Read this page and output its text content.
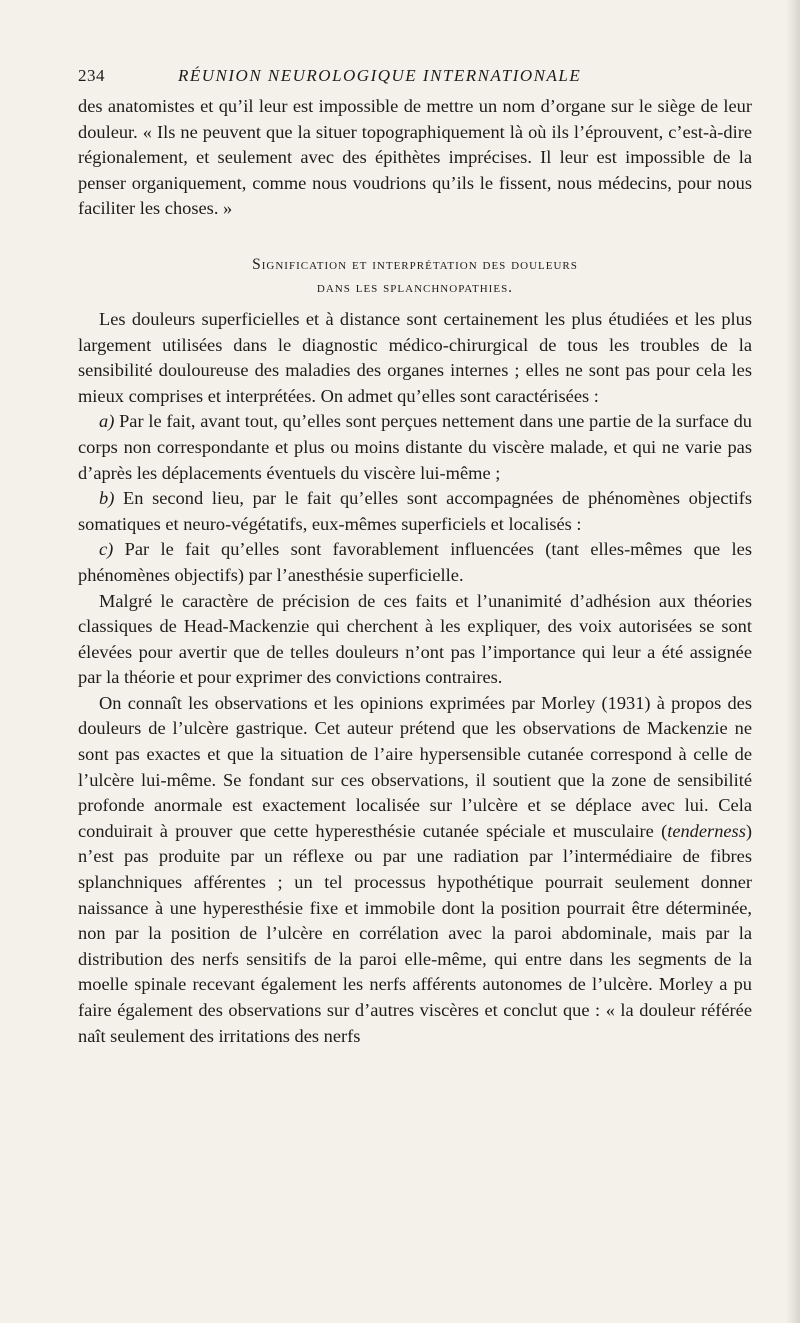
234	RÉUNION NEUROLOGIQUE INTERNATIONALE

des anatomistes et qu’il leur est impossible de mettre un nom d’organe sur le siège de leur douleur. « Ils ne peuvent que la situer topographiquement là où ils l’éprouvent, c’est-à-dire régionalement, et seulement avec des épithètes imprécises. Il leur est impossible de la penser organiquement, comme nous voudrions qu’ils le fissent, nous médecins, pour nous faciliter les choses. »

Signification et interprétation des douleurs
dans les splanchnopathies.

Les douleurs superficielles et à distance sont certainement les plus étudiées et les plus largement utilisées dans le diagnostic médico-chirurgical de tous les troubles de la sensibilité douloureuse des maladies des organes internes ; elles ne sont pas pour cela les mieux comprises et interprétées. On admet qu’elles sont caractérisées :

a) Par le fait, avant tout, qu’elles sont perçues nettement dans une partie de la surface du corps non correspondante et plus ou moins distante du viscère malade, et qui ne varie pas d’après les déplacements éventuels du viscère lui-même ;

b) En second lieu, par le fait qu’elles sont accompagnées de phénomènes objectifs somatiques et neuro-végétatifs, eux-mêmes superficiels et localisés :

c) Par le fait qu’elles sont favorablement influencées (tant elles-mêmes que les phénomènes objectifs) par l’anesthésie superficielle.

Malgré le caractère de précision de ces faits et l’unanimité d’adhésion aux théories classiques de Head-Mackenzie qui cherchent à les expliquer, des voix autorisées se sont élevées pour avertir que de telles douleurs n’ont pas l’importance qui leur a été assignée par la théorie et pour exprimer des convictions contraires.

On connaît les observations et les opinions exprimées par Morley (1931) à propos des douleurs de l’ulcère gastrique. Cet auteur prétend que les observations de Mackenzie ne sont pas exactes et que la situation de l’aire hypersensible cutanée correspond à celle de l’ulcère lui-même. Se fondant sur ces observations, il soutient que la zone de sensibilité profonde anormale est exactement localisée sur l’ulcère et se déplace avec lui. Cela conduirait à prouver que cette hyperesthésie cutanée spéciale et musculaire (tenderness) n’est pas produite par un réflexe ou par une radiation par l’intermédiaire de fibres splanchniques afférentes ; un tel processus hypothétique pourrait seulement donner naissance à une hyperesthésie fixe et immobile dont la position pourrait être déterminée, non par la position de l’ulcère en corrélation avec la paroi abdominale, mais par la distribution des nerfs sensitifs de la paroi elle-même, qui entre dans les segments de la moelle spinale recevant également les nerfs afférents autonomes de l’ulcère. Morley a pu faire également des observations sur d’autres viscères et conclut que : « la douleur référée naît seulement des irritations des nerfs
